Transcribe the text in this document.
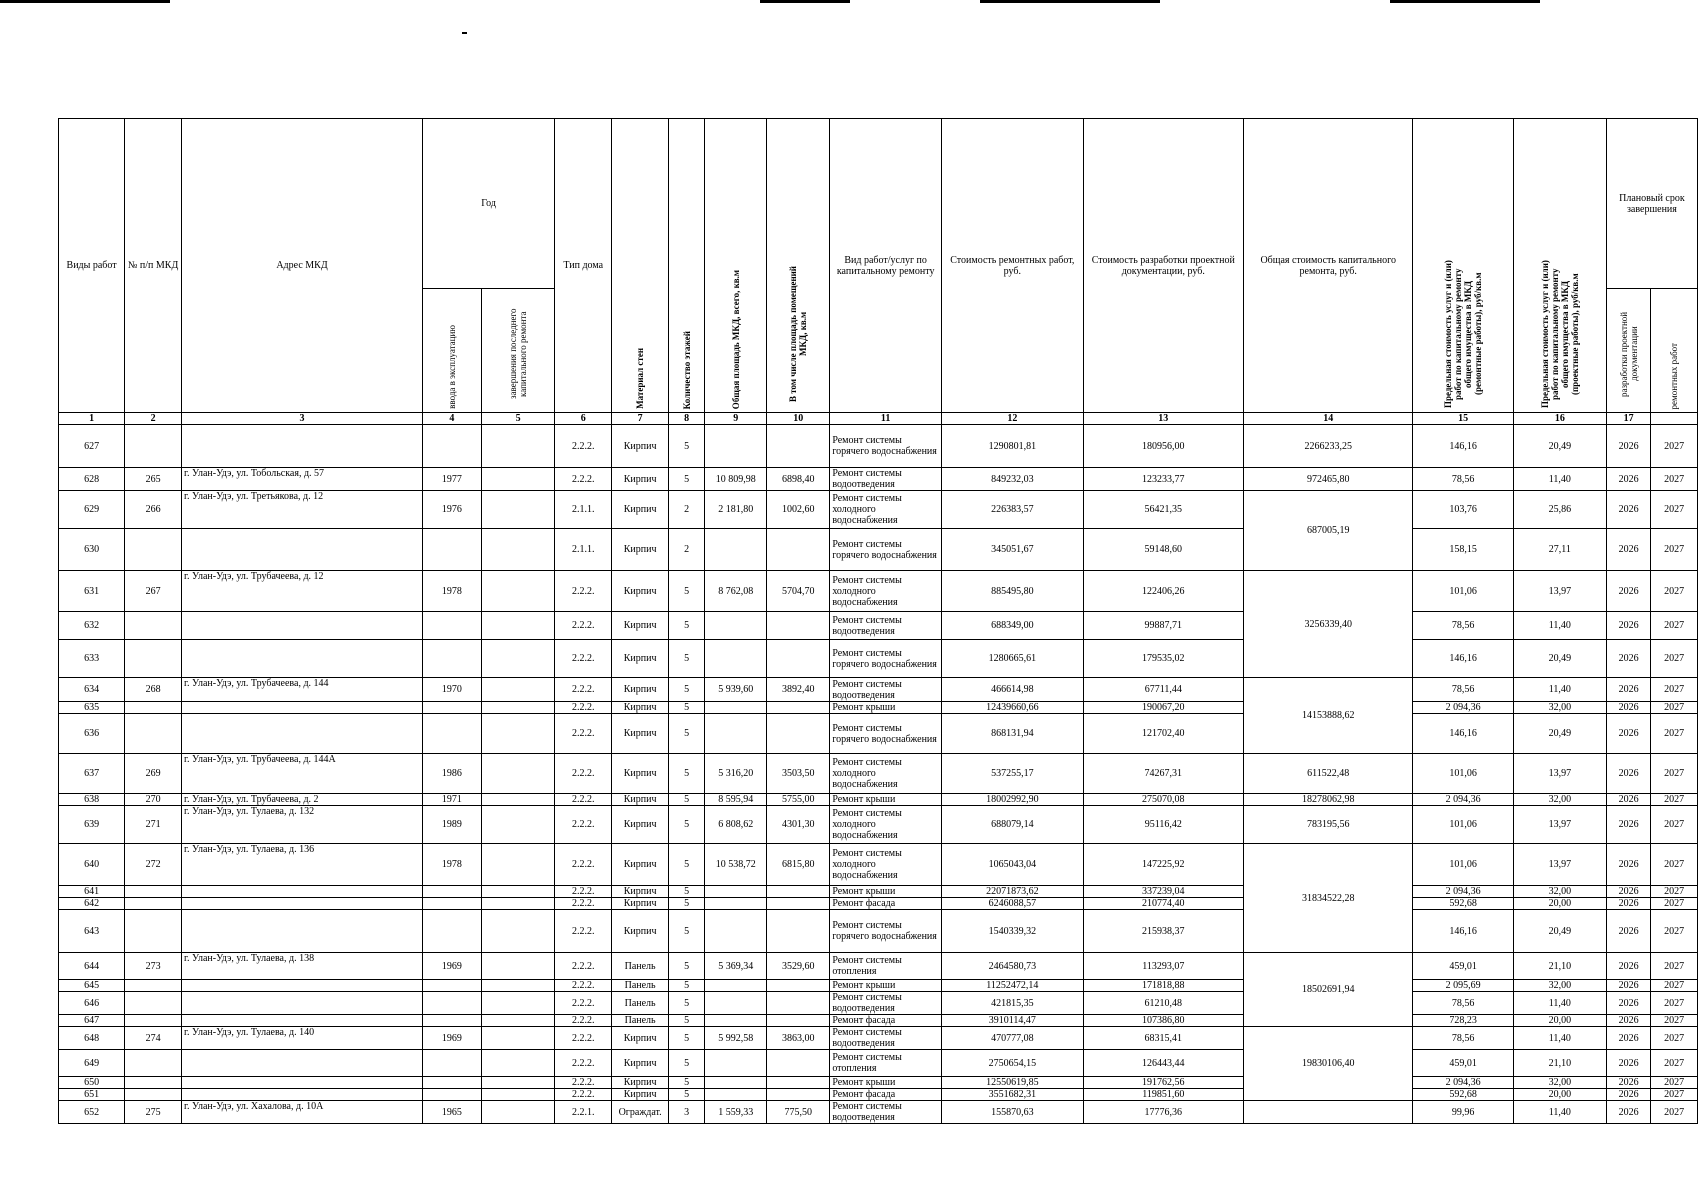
Виды работ	№ п/п МКД	Адрес МКД	Год		Тип дома	Материал стен	Количество этажей	Общая площадь МКД, всего, кв.м	В том числе площадь помещений МКД, кв.м	Вид работ/услуг по капитальному ремонту	Стоимость ремонтных работ, руб.	Стоимость разработки проектной документации, руб.	Общая стоимость капитального ремонта, руб.	Предельная стоимость услуг и (или) работ по капитальному ремонту общего имущества в МКД (ремонтные работы), руб/кв.м	Предельная стоимость услуг и (или) работ по капитальному ремонту общего имущества в МКД (проектные работы), руб/кв.м	Плановый срок завершения	
			ввода в эксплуатацию	завершения последнего капитального ремонта												разработки проектной документации	ремонтных работ
1	2	3	4	5	6	7	8	9	10	11	12	13	14	15	16	17	
627					2.2.2.	Кирпич	5			Ремонт системы горячего водоснабжения	1290801,81	180956,00	2266233,25	146,16	20,49	2026	2027
628	265	г. Улан-Удэ, ул. Тобольская, д. 57	1977		2.2.2.	Кирпич	5	10 809,98	6898,40	Ремонт системы водоотведения	849232,03	123233,77	972465,80	78,56	11,40	2026	2027
629	266	г. Улан-Удэ, ул. Третьякова, д. 12	1976		2.1.1.	Кирпич	2	2 181,80	1002,60	Ремонт системы холодного водоснабжения	226383,57	56421,35	687005,19	103,76	25,86	2026	2027
630					2.1.1.	Кирпич	2			Ремонт системы горячего водоснабжения	345051,67	59148,60		158,15	27,11	2026	2027
631	267	г. Улан-Удэ, ул. Трубачеева, д. 12	1978		2.2.2.	Кирпич	5	8 762,08	5704,70	Ремонт системы холодного водоснабжения	885495,80	122406,26	3256339,40	101,06	13,97	2026	2027
632					2.2.2.	Кирпич	5			Ремонт системы водоотведения	688349,00	99887,71		78,56	11,40	2026	2027
633					2.2.2.	Кирпич	5			Ремонт системы горячего водоснабжения	1280665,61	179535,02		146,16	20,49	2026	2027
634	268	г. Улан-Удэ, ул. Трубачеева, д. 144	1970		2.2.2.	Кирпич	5	5 939,60	3892,40	Ремонт системы водоотведения	466614,98	67711,44	14153888,62	78,56	11,40	2026	2027
635					2.2.2.	Кирпич	5			Ремонт крыши	12439660,66	190067,20		2 094,36	32,00	2026	2027
636					2.2.2.	Кирпич	5			Ремонт системы горячего водоснабжения	868131,94	121702,40		146,16	20,49	2026	2027
637	269	г. Улан-Удэ, ул. Трубачеева, д. 144А	1986		2.2.2.	Кирпич	5	5 316,20	3503,50	Ремонт системы холодного водоснабжения	537255,17	74267,31	611522,48	101,06	13,97	2026	2027
638	270	г. Улан-Удэ, ул. Трубачеева, д. 2	1971		2.2.2.	Кирпич	5	8 595,94	5755,00	Ремонт крыши	18002992,90	275070,08	18278062,98	2 094,36	32,00	2026	2027
639	271	г. Улан-Удэ, ул. Тулаева, д. 132	1989		2.2.2.	Кирпич	5	6 808,62	4301,30	Ремонт системы холодного водоснабжения	688079,14	95116,42	783195,56	101,06	13,97	2026	2027
640	272	г. Улан-Удэ, ул. Тулаева, д. 136	1978		2.2.2.	Кирпич	5	10 538,72	6815,80	Ремонт системы холодного водоснабжения	1065043,04	147225,92	31834522,28	101,06	13,97	2026	2027
641					2.2.2.	Кирпич	5			Ремонт крыши	22071873,62	337239,04		2 094,36	32,00	2026	2027
642					2.2.2.	Кирпич	5			Ремонт фасада	6246088,57	210774,40		592,68	20,00	2026	2027
643					2.2.2.	Кирпич	5			Ремонт системы горячего водоснабжения	1540339,32	215938,37		146,16	20,49	2026	2027
644	273	г. Улан-Удэ, ул. Тулаева, д. 138	1969		2.2.2.	Панель	5	5 369,34	3529,60	Ремонт системы отопления	2464580,73	113293,07	18502691,94	459,01	21,10	2026	2027
645					2.2.2.	Панель	5			Ремонт крыши	11252472,14	171818,88		2 095,69	32,00	2026	2027
646					2.2.2.	Панель	5			Ремонт системы водоотведения	421815,35	61210,48		78,56	11,40	2026	2027
647					2.2.2.	Панель	5			Ремонт фасада	3910114,47	107386,80		728,23	20,00	2026	2027
648	274	г. Улан-Удэ, ул. Тулаева, д. 140	1969		2.2.2.	Кирпич	5	5 992,58	3863,00	Ремонт системы водоотведения	470777,08	68315,41	19830106,40	78,56	11,40	2026	2027
649					2.2.2.	Кирпич	5			Ремонт системы отопления	2750654,15	126443,44		459,01	21,10	2026	2027
650					2.2.2.	Кирпич	5			Ремонт крыши	12550619,85	191762,56		2 094,36	32,00	2026	2027
651					2.2.2.	Кирпич	5			Ремонт фасада	3551682,31	119851,60		592,68	20,00	2026	2027
652	275	г. Улан-Удэ, ул. Хахалова, д. 10А	1965		2.2.1.	Ограждат.	3	1 559,33	775,50	Ремонт системы водоотведения	155870,63	17776,36		99,96	11,40	2026	2027
